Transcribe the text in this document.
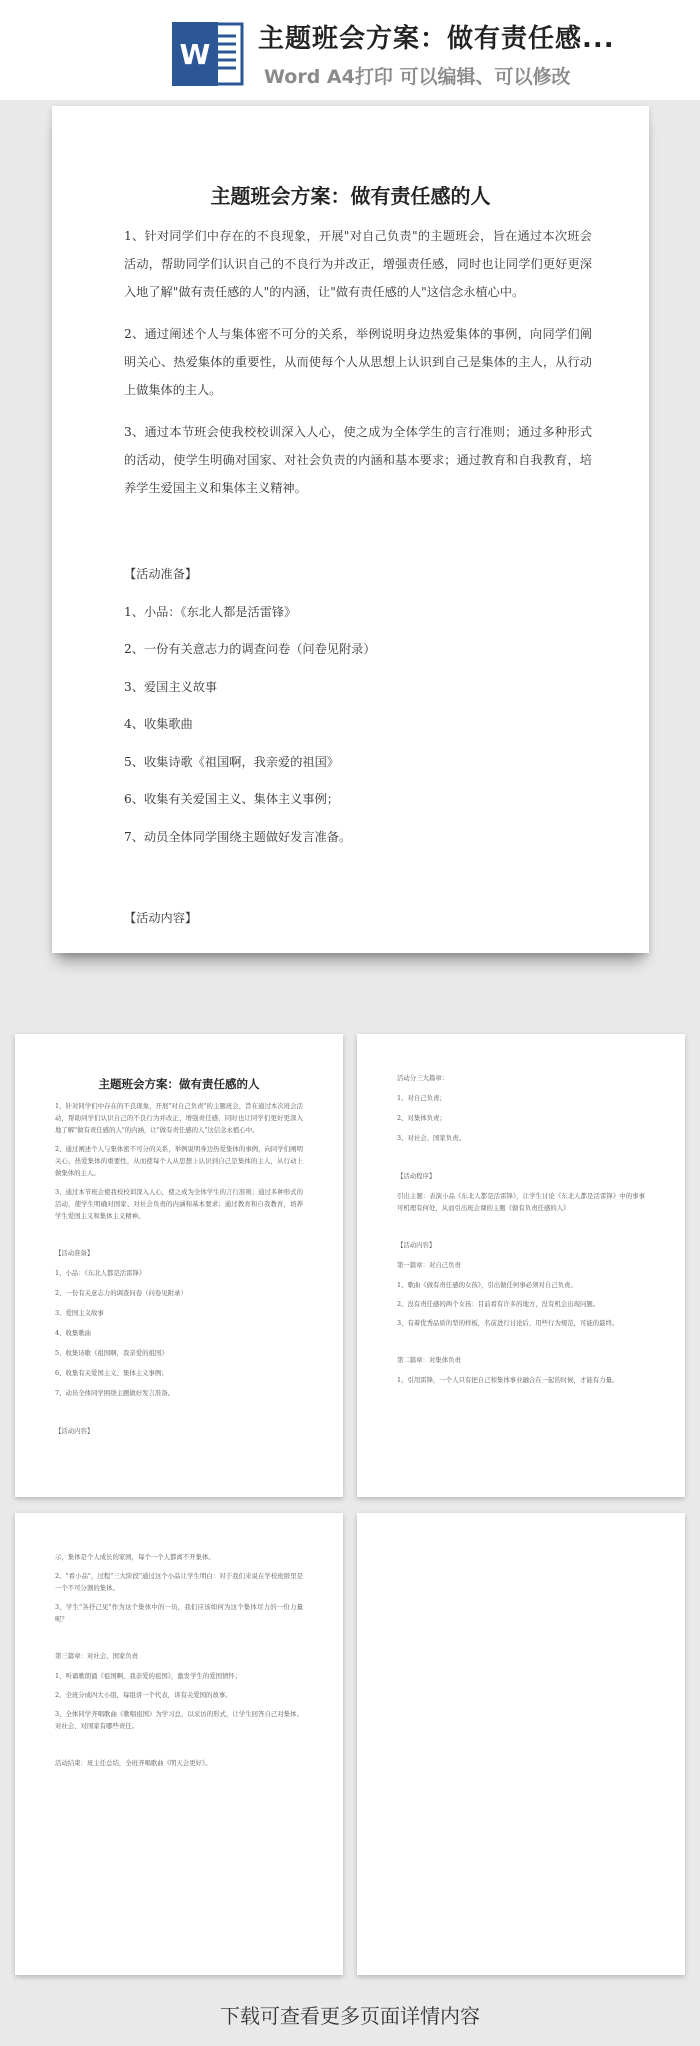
W 主题班会方案：做有责任感...
Word A4打印 可以编辑、可以修改
主题班会方案：做有责任感的人

1、针对同学们中存在的不良现象，开展"对自己负责"的主题班会，旨在通过本次班会活动，帮助同学们认识自己的不良行为并改正，增强责任感，同时也让同学们更好更深入地了解"做有责任感的人"的内涵，让"做有责任感的人"这信念永植心中。

2、通过阐述个人与集体密不可分的关系，举例说明身边热爱集体的事例，向同学们阐明关心、热爱集体的重要性，从而使每个人从思想上认识到自己是集体的主人，从行动上做集体的主人。

3、通过本节班会使我校校训深入人心，使之成为全体学生的言行准则；通过多种形式的活动，使学生明确对国家、对社会负责的内涵和基本要求；通过教育和自我教育，培养学生爱国主义和集体主义精神。

【活动准备】
1、小品：《东北人都是活雷锋》
2、一份有关意志力的调查问卷（问卷见附录）
3、爱国主义故事
4、收集歌曲
5、收集诗歌《祖国啊，我亲爱的祖国》
6、收集有关爱国主义、集体主义事例；
7、动员全体同学围绕主题做好发言准备。
【活动内容】
主题班会方案：做有责任感的人

1、针对同学们中存在的不良现象，开展"对自己负责"的主题班会，旨在通过本次班会活动，帮助同学们认识自己的不良行为并改正，增强责任感，同时也让同学们更好更深入地了解"做有责任感的人"的内涵，让"做有责任感的人"这信念永植心中。

2、通过阐述个人与集体密不可分的关系，举例说明身边热爱集体的事例，向同学们阐明关心、热爱集体的重要性，从而使每个人从思想上认识到自己是集体的主人，从行动上做集体的主人。

3、通过本节班会使我校校训深入人心，使之成为全体学生的言行准则；通过多种形式的活动，使学生明确对国家、对社会负责的内涵和基本要求；通过教育和自我教育，培养学生爱国主义和集体主义精神。

【活动准备】
1、小品：《东北人都是活雷锋》
2、一份有关意志力的调查问卷（问卷见附录）
3、爱国主义故事
4、收集歌曲
5、收集诗歌《祖国啊，我亲爱的祖国》
6、收集有关爱国主义、集体主义事例；
7、动员全体同学围绕主题做好发言准备。
【活动内容】
活动分三大篇章：
1、对自己负责；
2、对集体负责；
3、对社会、国家负责。
【活动程序】

引出主题：表演小品《东北人都是活雷锋》，让学生讨论《东北人都是活雷锋》中的事事可机理有何处，从而引出班会课的主题《做有负责任感的人》

【活动内容】
第一篇章：对自己负责

1、歌曲《做有责任感的女孩》，引出做任何事必须对自己负责。

2、没有责任感的两个女孩：目前看有许多的地方，没有机会出现问题。

3、有着优秀品质的型的样板，名前进行讨论后，用些行为规范，可能的最终。

第二篇章：对集体负责

1、引用雷锋，一个人只有把自己和集体事业融合在一起的时候，才能有力量。

示，集体是个人成长的家园，每个一个人都离不开集体。

2、"看小品"，过程"三大阶段"通过这个小品让学生明白：对于我们来说在学校班级里是一个不可分割的集体。

3、学生"各抒己见"作为这个集体中的一员，我们应该如何为这个集体尽力的一份力量呢？

第三篇章：对社会、国家负责

1、听诵歌朗诵《祖国啊，我亲爱的祖国》，激发学生的爱国情怀；

2、全班分成四大小组，每组讲一个代表，讲有关爱国的故事。

3、全体同学齐唱歌曲《歌唱祖国》为学习总，以采访的形式，让学生回答自己对集体、对社会、对国家有哪些责任。

活动结束：班主任总结，全班齐唱歌曲《明天会更好》。

下载可查看更多页面详情内容
